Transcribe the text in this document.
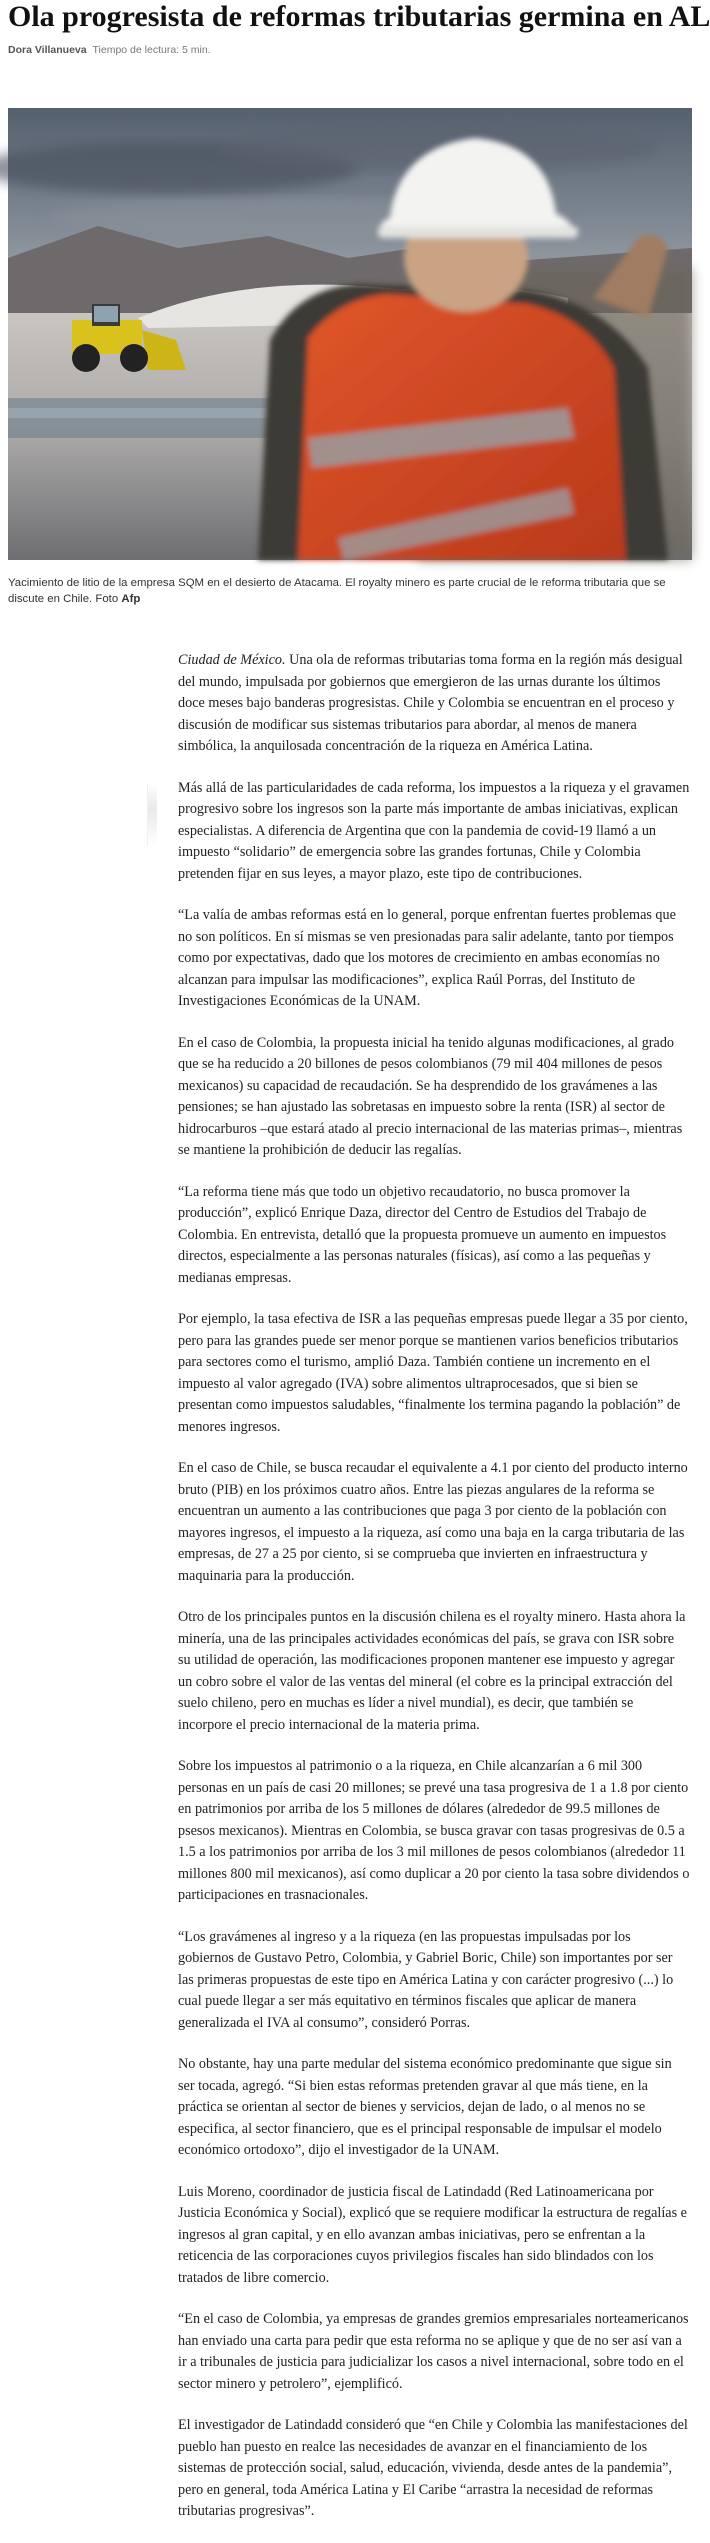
Ola progresista de reformas tributarias germina en AL
Dora Villanueva Tiempo de lectura: 5 min.

Yacimiento de litio de la empresa SQM en el desierto de Atacama. El royalty minero es parte crucial de le reforma tributaria que se discute en Chile. Foto Afp

Ciudad de México. Una ola de reformas tributarias toma forma en la región más desigual del mundo, impulsada por gobiernos que emergieron de las urnas durante los últimos doce meses bajo banderas progresistas. Chile y Colombia se encuentran en el proceso y discusión de modificar sus sistemas tributarios para abordar, al menos de manera simbólica, la anquilosada concentración de la riqueza en América Latina.

Más allá de las particularidades de cada reforma, los impuestos a la riqueza y el gravamen progresivo sobre los ingresos son la parte más importante de ambas iniciativas, explican especialistas. A diferencia de Argentina que con la pandemia de covid-19 llamó a un impuesto “solidario” de emergencia sobre las grandes fortunas, Chile y Colombia pretenden fijar en sus leyes, a mayor plazo, este tipo de contribuciones.

“La valía de ambas reformas está en lo general, porque enfrentan fuertes problemas que no son políticos. En sí mismas se ven presionadas para salir adelante, tanto por tiempos como por expectativas, dado que los motores de crecimiento en ambas economías no alcanzan para impulsar las modificaciones”, explica Raúl Porras, del Instituto de Investigaciones Económicas de la UNAM.

En el caso de Colombia, la propuesta inicial ha tenido algunas modificaciones, al grado que se ha reducido a 20 billones de pesos colombianos (79 mil 404 millones de pesos mexicanos) su capacidad de recaudación. Se ha desprendido de los gravámenes a las pensiones; se han ajustado las sobretasas en impuesto sobre la renta (ISR) al sector de hidrocarburos –que estará atado al precio internacional de las materias primas–, mientras se mantiene la prohibición de deducir las regalías.

“La reforma tiene más que todo un objetivo recaudatorio, no busca promover la producción”, explicó Enrique Daza, director del Centro de Estudios del Trabajo de Colombia. En entrevista, detalló que la propuesta promueve un aumento en impuestos directos, especialmente a las personas naturales (físicas), así como a las pequeñas y medianas empresas.

Por ejemplo, la tasa efectiva de ISR a las pequeñas empresas puede llegar a 35 por ciento, pero para las grandes puede ser menor porque se mantienen varios beneficios tributarios para sectores como el turismo, amplió Daza. También contiene un incremento en el impuesto al valor agregado (IVA) sobre alimentos ultraprocesados, que si bien se presentan como impuestos saludables, “finalmente los termina pagando la población” de menores ingresos.

En el caso de Chile, se busca recaudar el equivalente a 4.1 por ciento del producto interno bruto (PIB) en los próximos cuatro años. Entre las piezas angulares de la reforma se encuentran un aumento a las contribuciones que paga 3 por ciento de la población con mayores ingresos, el impuesto a la riqueza, así como una baja en la carga tributaria de las empresas, de 27 a 25 por ciento, si se comprueba que invierten en infraestructura y maquinaria para la producción.

Otro de los principales puntos en la discusión chilena es el royalty minero. Hasta ahora la minería, una de las principales actividades económicas del país, se grava con ISR sobre su utilidad de operación, las modificaciones proponen mantener ese impuesto y agregar un cobro sobre el valor de las ventas del mineral (el cobre es la principal extracción del suelo chileno, pero en muchas es líder a nivel mundial), es decir, que también se incorpore el precio internacional de la materia prima.

Sobre los impuestos al patrimonio o a la riqueza, en Chile alcanzarían a 6 mil 300 personas en un país de casi 20 millones; se prevé una tasa progresiva de 1 a 1.8 por ciento en patrimonios por arriba de los 5 millones de dólares (alrededor de 99.5 millones de psesos mexicanos). Mientras en Colombia, se busca gravar con tasas progresivas de 0.5 a 1.5 a los patrimonios por arriba de los 3 mil millones de pesos colombianos (alrededor 11 millones 800 mil mexicanos), así como duplicar a 20 por ciento la tasa sobre dividendos o participaciones en trasnacionales.

“Los gravámenes al ingreso y a la riqueza (en las propuestas impulsadas por los gobiernos de Gustavo Petro, Colombia, y Gabriel Boric, Chile) son importantes por ser las primeras propuestas de este tipo en América Latina y con carácter progresivo (...) lo cual puede llegar a ser más equitativo en términos fiscales que aplicar de manera generalizada el IVA al consumo”, consideró Porras.

No obstante, hay una parte medular del sistema económico predominante que sigue sin ser tocada, agregó. “Si bien estas reformas pretenden gravar al que más tiene, en la práctica se orientan al sector de bienes y servicios, dejan de lado, o al menos no se especifica, al sector financiero, que es el principal responsable de impulsar el modelo económico ortodoxo”, dijo el investigador de la UNAM.

Luis Moreno, coordinador de justicia fiscal de Latindadd (Red Latinoamericana por Justicia Económica y Social), explicó que se requiere modificar la estructura de regalías e ingresos al gran capital, y en ello avanzan ambas iniciativas, pero se enfrentan a la reticencia de las corporaciones cuyos privilegios fiscales han sido blindados con los tratados de libre comercio.

“En el caso de Colombia, ya empresas de grandes gremios empresariales norteamericanos han enviado una carta para pedir que esta reforma no se aplique y que de no ser así van a ir a tribunales de justicia para judicializar los casos a nivel internacional, sobre todo en el sector minero y petrolero”, ejemplificó.

El investigador de Latindadd consideró que “en Chile y Colombia las manifestaciones del pueblo han puesto en realce las necesidades de avanzar en el financiamiento de los sistemas de protección social, salud, educación, vivienda, desde antes de la pandemia”, pero en general, toda América Latina y El Caribe “arrastra la necesidad de reformas tributarias progresivas”.
